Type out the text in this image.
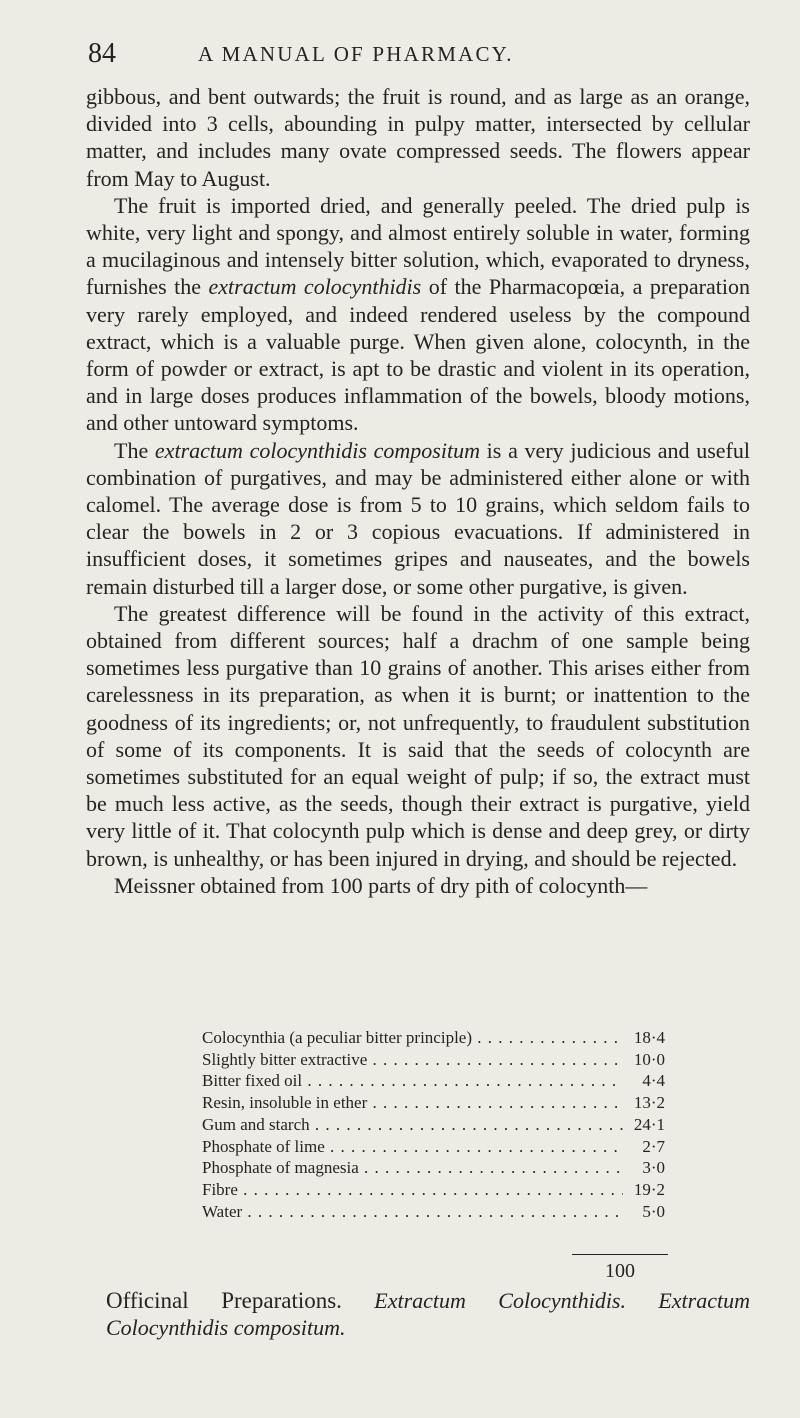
84	A MANUAL OF PHARMACY.

gibbous, and bent outwards; the fruit is round, and as large as an orange, divided into 3 cells, abounding in pulpy matter, intersected by cellular matter, and includes many ovate compressed seeds. The flowers appear from May to August.

The fruit is imported dried, and generally peeled. The dried pulp is white, very light and spongy, and almost entirely soluble in water, forming a mucilaginous and intensely bitter solution, which, evaporated to dryness, furnishes the extractum colocynthidis of the Pharmacopœia, a preparation very rarely employed, and indeed rendered useless by the compound extract, which is a valuable purge. When given alone, colocynth, in the form of powder or extract, is apt to be drastic and violent in its operation, and in large doses produces inflammation of the bowels, bloody motions, and other untoward symptoms.

The extractum colocynthidis compositum is a very judicious and useful combination of purgatives, and may be administered either alone or with calomel. The average dose is from 5 to 10 grains, which seldom fails to clear the bowels in 2 or 3 copious evacuations. If administered in insufficient doses, it sometimes gripes and nauseates, and the bowels remain disturbed till a larger dose, or some other purgative, is given.

The greatest difference will be found in the activity of this extract, obtained from different sources; half a drachm of one sample being sometimes less purgative than 10 grains of another. This arises either from carelessness in its preparation, as when it is burnt; or inattention to the goodness of its ingredients; or, not unfrequently, to fraudulent substitution of some of its components. It is said that the seeds of colocynth are sometimes substituted for an equal weight of pulp; if so, the extract must be much less active, as the seeds, though their extract is purgative, yield very little of it. That colocynth pulp which is dense and deep grey, or dirty brown, is unhealthy, or has been injured in drying, and should be rejected.

Meissner obtained from 100 parts of dry pith of colocynth—

Colocynthia (a peculiar bitter principle) . . .	18·4
Slightly bitter extractive . . .	10·0
Bitter fixed oil . . .	4·4
Resin, insoluble in ether . . .	13·2
Gum and starch . . .	24·1
Phosphate of lime . . .	2·7
Phosphate of magnesia . . .	3·0
Fibre . . .	19·2
Water . . .	5·0
100
Officinal Preparations. Extractum Colocynthidis. Extractum Colocynthidis compositum.
